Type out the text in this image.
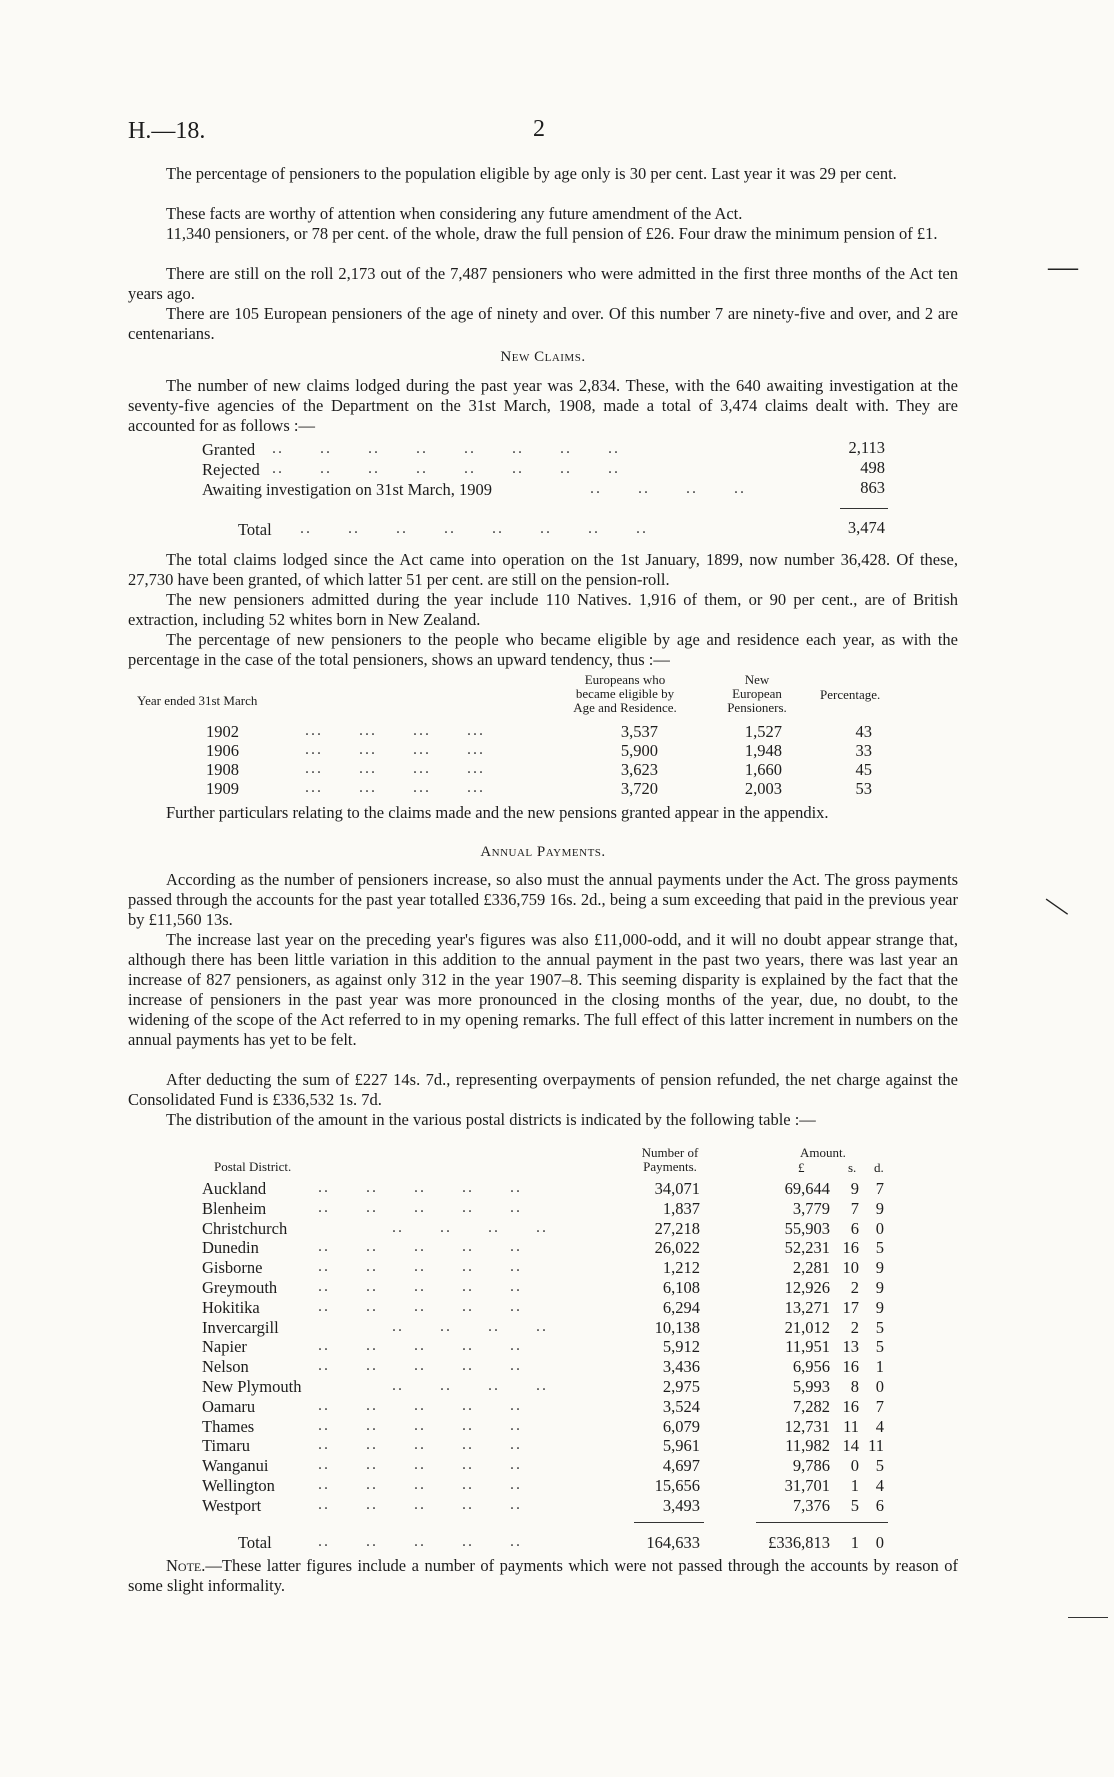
H.—18.	2

The percentage of pensioners to the population eligible by age only is 30 per cent. Last year it was 29 per cent.

These facts are worthy of attention when considering any future amendment of the Act.

11,340 pensioners, or 78 per cent. of the whole, draw the full pension of £26. Four draw the minimum pension of £1.

There are still on the roll 2,173 out of the 7,487 pensioners who were admitted in the first three months of the Act ten years ago.

There are 105 European pensioners of the age of ninety and over. Of this number 7 are ninety-five and over, and 2 are centenarians.

New Claims.

The number of new claims lodged during the past year was 2,834. These, with the 640 awaiting investigation at the seventy-five agencies of the Department on the 31st March, 1908, made a total of 3,474 claims dealt with. They are accounted for as follows :—

Granted ..      ..      ..      ..      ..      ..      ..      ..	2,113
Rejected ..      ..      ..      ..      ..      ..      ..      ..	498
Awaiting investigation on 31st March, 1909	..      ..      ..      ..	863
Total ..      ..      ..      ..      ..      ..      ..      ..	3,474

The total claims lodged since the Act came into operation on the 1st January, 1899, now number 36,428. Of these, 27,730 have been granted, of which latter 51 per cent. are still on the pension-roll.

The new pensioners admitted during the year include 110 Natives. 1,916 of them, or 90 per cent., are of British extraction, including 52 whites born in New Zealand.

The percentage of new pensioners to the people who became eligible by age and residence each year, as with the percentage in the case of the total pensioners, shows an upward tendency, thus :—

Year ended 31st March
Europeans who
became eligible by
Age and Residence.
New
European
Pensioners.
Percentage.
1902	...      ...      ...      ...	3,537	1,527	43
1906	...      ...      ...      ...	5,900	1,948	33
1908	...      ...      ...      ...	3,623	1,660	45
1909	...      ...      ...      ...	3,720	2,003	53

Further particulars relating to the claims made and the new pensions granted appear in the appendix.

Annual Payments.

According as the number of pensioners increase, so also must the annual payments under the Act. The gross payments passed through the accounts for the past year totalled £336,759 16s. 2d., being a sum exceeding that paid in the previous year by £11,560 13s.

The increase last year on the preceding year's figures was also £11,000-odd, and it will no doubt appear strange that, although there has been little variation in this addition to the annual payment in the past two years, there was last year an increase of 827 pensioners, as against only 312 in the year 1907–8. This seeming disparity is explained by the fact that the increase of pensioners in the past year was more pronounced in the closing months of the year, due, no doubt, to the widening of the scope of the Act referred to in my opening remarks. The full effect of this latter increment in numbers on the annual payments has yet to be felt.

After deducting the sum of £227 14s. 7d., representing overpayments of pension refunded, the net charge against the Consolidated Fund is £336,532 1s. 7d.

The distribution of the amount in the various postal districts is indicated by the following table :—

Postal District.
Number of
Payments.
Amount.
£	s. d.
Auckland	..      ..      ..      ..      ..	34,071	69,644	9	7
Blenheim	..      ..      ..      ..      ..	1,837	3,779	7	9
Christchurch	..      ..      ..      ..	27,218	55,903	6	0
Dunedin	..      ..      ..      ..      ..	26,022	52,231 16	5
Gisborne	..      ..      ..      ..      ..	1,212	2,281 10	9
Greymouth	..      ..      ..      ..      ..	6,108	12,926	2	9
Hokitika	..      ..      ..      ..      ..	6,294	13,271 17	9
Invercargill	..      ..      ..      ..	10,138	21,012	2	5
Napier	..      ..      ..      ..      ..	5,912	11,951 13	5
Nelson	..      ..      ..      ..      ..	3,436	6,956 16	1
New Plymouth	..      ..      ..      ..	2,975	5,993	8	0
Oamaru	..      ..      ..      ..      ..	3,524	7,282 16	7
Thames	..      ..      ..      ..      ..	6,079	12,731 11	4
Timaru	..      ..      ..      ..      ..	5,961	11,982 14 11
Wanganui	..      ..      ..      ..      ..	4,697	9,786	0	5
Wellington	..      ..      ..      ..      ..	15,656	31,701	1	4
Westport	..      ..      ..      ..      ..	3,493	7,376	5	6
Total	..      ..      ..      ..      ..	164,633	£336,813	1	0

Note.—These latter figures include a number of payments which were not passed through the accounts by reason of some slight informality.

—
—
